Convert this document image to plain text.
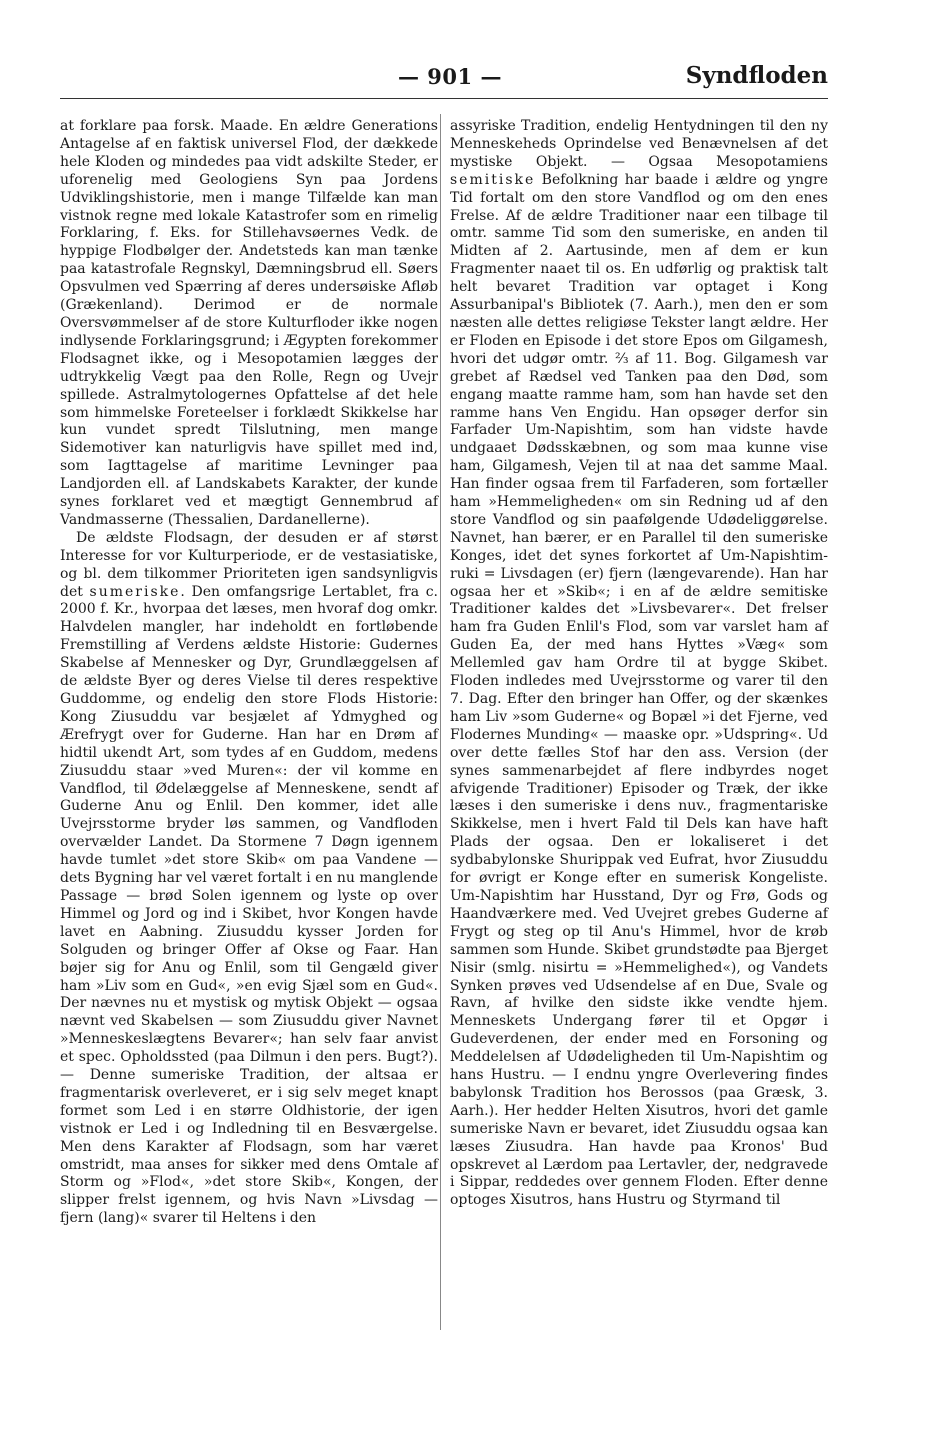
— 901 —	Syndfloden

at forklare paa forsk. Maade. En ældre Generations Antagelse af en faktisk universel Flod, der dækkede hele Kloden og mindedes paa vidt adskilte Steder, er uforenelig med Geologiens Syn paa Jordens Udviklingshistorie, men i mange Tilfælde kan man vistnok regne med lokale Katastrofer som en rimelig Forklaring, f. Eks. for Stillehavsøernes Vedk. de hyppige Flodbølger der. Andetsteds kan man tænke paa katastrofale Regnskyl, Dæmningsbrud ell. Søers Opsvulmen ved Spærring af deres undersøiske Afløb (Grækenland). Derimod er de normale Oversvømmelser af de store Kulturfloder ikke nogen indlysende Forklaringsgrund; i Ægypten forekommer Flodsagnet ikke, og i Mesopotamien lægges der udtrykkelig Vægt paa den Rolle, Regn og Uvejr spillede. Astralmytologernes Opfattelse af det hele som himmelske Foreteelser i forklædt Skikkelse har kun vundet spredt Tilslutning, men mange Sidemotiver kan naturligvis have spillet med ind, som Iagttagelse af maritime Levninger paa Landjorden ell. af Landskabets Karakter, der kunde synes forklaret ved et mægtigt Gennembrud af Vandmasserne (Thessalien, Dardanellerne).

De ældste Flodsagn, der desuden er af størst Interesse for vor Kulturperiode, er de vestasiatiske, og bl. dem tilkommer Prioriteten igen sandsynligvis det sumeriske. Den omfangsrige Lertablet, fra c. 2000 f. Kr., hvorpaa det læses, men hvoraf dog omkr. Halvdelen mangler, har indeholdt en fortløbende Fremstilling af Verdens ældste Historie: Gudernes Skabelse af Mennesker og Dyr, Grundlæggelsen af de ældste Byer og deres Vielse til deres respektive Guddomme, og endelig den store Flods Historie: Kong Ziusuddu var besjælet af Ydmyghed og Ærefrygt over for Guderne. Han har en Drøm af hidtil ukendt Art, som tydes af en Guddom, medens Ziusuddu staar »ved Muren«: der vil komme en Vandflod, til Ødelæggelse af Menneskene, sendt af Guderne Anu og Enlil. Den kommer, idet alle Uvejrsstorme bryder løs sammen, og Vandfloden overvælder Landet. Da Stormene 7 Døgn igennem havde tumlet »det store Skib« om paa Vandene — dets Bygning har vel været fortalt i en nu manglende Passage — brød Solen igennem og lyste op over Himmel og Jord og ind i Skibet, hvor Kongen havde lavet en Aabning. Ziusuddu kysser Jorden for Solguden og bringer Offer af Okse og Faar. Han bøjer sig for Anu og Enlil, som til Gengæld giver ham »Liv som en Gud«, »en evig Sjæl som en Gud«. Der nævnes nu et mystisk og mytisk Objekt — ogsaa nævnt ved Skabelsen — som Ziusuddu giver Navnet »Menneskeslægtens Bevarer«; han selv faar anvist et spec. Opholdssted (paa Dilmun i den pers. Bugt?). — Denne sumeriske Tradition, der altsaa er fragmentarisk overleveret, er i sig selv meget knapt formet som Led i en større Oldhistorie, der igen vistnok er Led i og Indledning til en Besværgelse. Men dens Karakter af Flodsagn, som har været omstridt, maa anses for sikker med dens Omtale af Storm og »Flod«, »det store Skib«, Kongen, der slipper frelst igennem, og hvis Navn »Livsdag — fjern (lang)« svarer til Heltens i den

assyriske Tradition, endelig Hentydningen til den ny Menneskeheds Oprindelse ved Benævnelsen af det mystiske Objekt. — Ogsaa Mesopotamiens semitiske Befolkning har baade i ældre og yngre Tid fortalt om den store Vandflod og om den enes Frelse. Af de ældre Traditioner naar een tilbage til omtr. samme Tid som den sumeriske, en anden til Midten af 2. Aartusinde, men af dem er kun Fragmenter naaet til os. En udførlig og praktisk talt helt bevaret Tradition var optaget i Kong Assurbanipal's Bibliotek (7. Aarh.), men den er som næsten alle dettes religiøse Tekster langt ældre. Her er Floden en Episode i det store Epos om Gilgamesh, hvori det udgør omtr. ⅔ af 11. Bog. Gilgamesh var grebet af Rædsel ved Tanken paa den Død, som engang maatte ramme ham, som han havde set den ramme hans Ven Engidu. Han opsøger derfor sin Farfader Um-Napishtim, som han vidste havde undgaaet Dødsskæbnen, og som maa kunne vise ham, Gilgamesh, Vejen til at naa det samme Maal. Han finder ogsaa frem til Farfaderen, som fortæller ham »Hemmeligheden« om sin Redning ud af den store Vandflod og sin paafølgende Udødeliggørelse. Navnet, han bærer, er en Parallel til den sumeriske Konges, idet det synes forkortet af Um-Napishtim-ruki = Livsdagen (er) fjern (længevarende). Han har ogsaa her et »Skib«; i en af de ældre semitiske Traditioner kaldes det »Livsbevarer«. Det frelser ham fra Guden Enlil's Flod, som var varslet ham af Guden Ea, der med hans Hyttes »Væg« som Mellemled gav ham Ordre til at bygge Skibet. Floden indledes med Uvejrsstorme og varer til den 7. Dag. Efter den bringer han Offer, og der skænkes ham Liv »som Guderne« og Bopæl »i det Fjerne, ved Flodernes Munding« — maaske opr. »Udspring«. Ud over dette fælles Stof har den ass. Version (der synes sammenarbejdet af flere indbyrdes noget afvigende Traditioner) Episoder og Træk, der ikke læses i den sumeriske i dens nuv., fragmentariske Skikkelse, men i hvert Fald til Dels kan have haft Plads der ogsaa. Den er lokaliseret i det sydbabylonske Shurippak ved Eufrat, hvor Ziusuddu for øvrigt er Konge efter en sumerisk Kongeliste. Um-Napishtim har Husstand, Dyr og Frø, Gods og Haandværkere med. Ved Uvejret grebes Guderne af Frygt og steg op til Anu's Himmel, hvor de krøb sammen som Hunde. Skibet grundstødte paa Bjerget Nisir (smlg. nisirtu = »Hemmelighed«), og Vandets Synken prøves ved Udsendelse af en Due, Svale og Ravn, af hvilke den sidste ikke vendte hjem. Menneskets Undergang fører til et Opgør i Gudeverdenen, der ender med en Forsoning og Meddelelsen af Udødeligheden til Um-Napishtim og hans Hustru. — I endnu yngre Overlevering findes babylonsk Tradition hos Berossos (paa Græsk, 3. Aarh.). Her hedder Helten Xisutros, hvori det gamle sumeriske Navn er bevaret, idet Ziusuddu ogsaa kan læses Ziusudra. Han havde paa Kronos' Bud opskrevet al Lærdom paa Lertavler, der, nedgravede i Sippar, reddedes over gennem Floden. Efter denne optoges Xisutros, hans Hustru og Styrmand til
